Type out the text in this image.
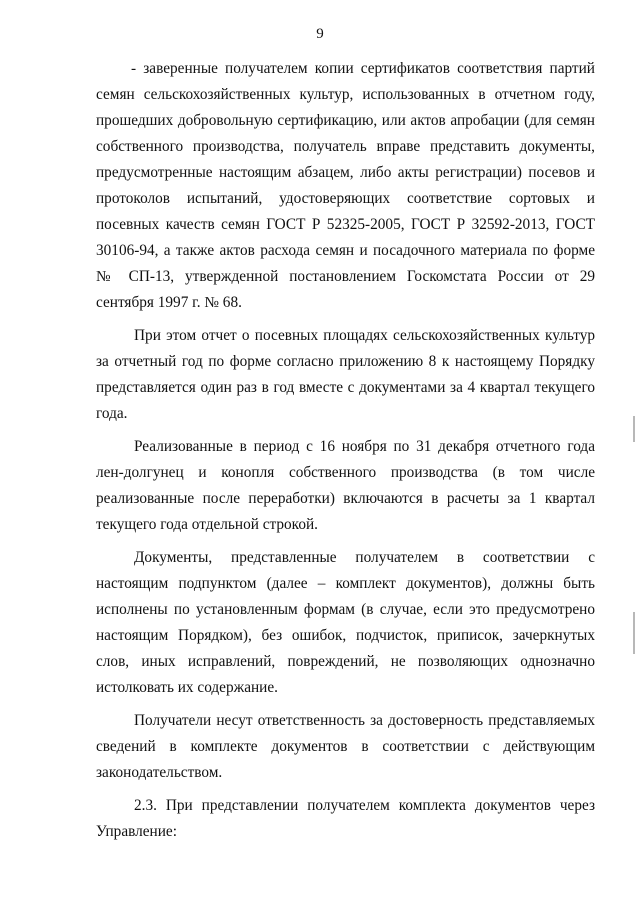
9

- заверенные получателем копии сертификатов соответствия партий семян сельскохозяйственных культур, использованных в отчетном году, прошедших добровольную сертификацию, или актов апробации (для семян собственного производства, получатель вправе представить документы, предусмотренные настоящим абзацем, либо акты регистрации) посевов и протоколов испытаний, удостоверяющих соответствие сортовых и посевных качеств семян ГОСТ Р 52325-2005, ГОСТ Р 32592-2013, ГОСТ 30106-94, а также актов расхода семян и посадочного материала по форме № СП-13, утвержденной постановлением Госкомстата России от 29 сентября 1997 г. № 68.

При этом отчет о посевных площадях сельскохозяйственных культур за отчетный год по форме согласно приложению 8 к настоящему Порядку представляется один раз в год вместе с документами за 4 квартал текущего года.

Реализованные в период с 16 ноября по 31 декабря отчетного года лен-долгунец и конопля собственного производства (в том числе реализованные после переработки) включаются в расчеты за 1 квартал текущего года отдельной строкой.

Документы, представленные получателем в соответствии с настоящим подпунктом (далее – комплект документов), должны быть исполнены по установленным формам (в случае, если это предусмотрено настоящим Порядком), без ошибок, подчисток, приписок, зачеркнутых слов, иных исправлений, повреждений, не позволяющих однозначно истолковать их содержание.

Получатели несут ответственность за достоверность представляемых сведений в комплекте документов в соответствии с действующим законодательством.

2.3. При представлении получателем комплекта документов через Управление:
